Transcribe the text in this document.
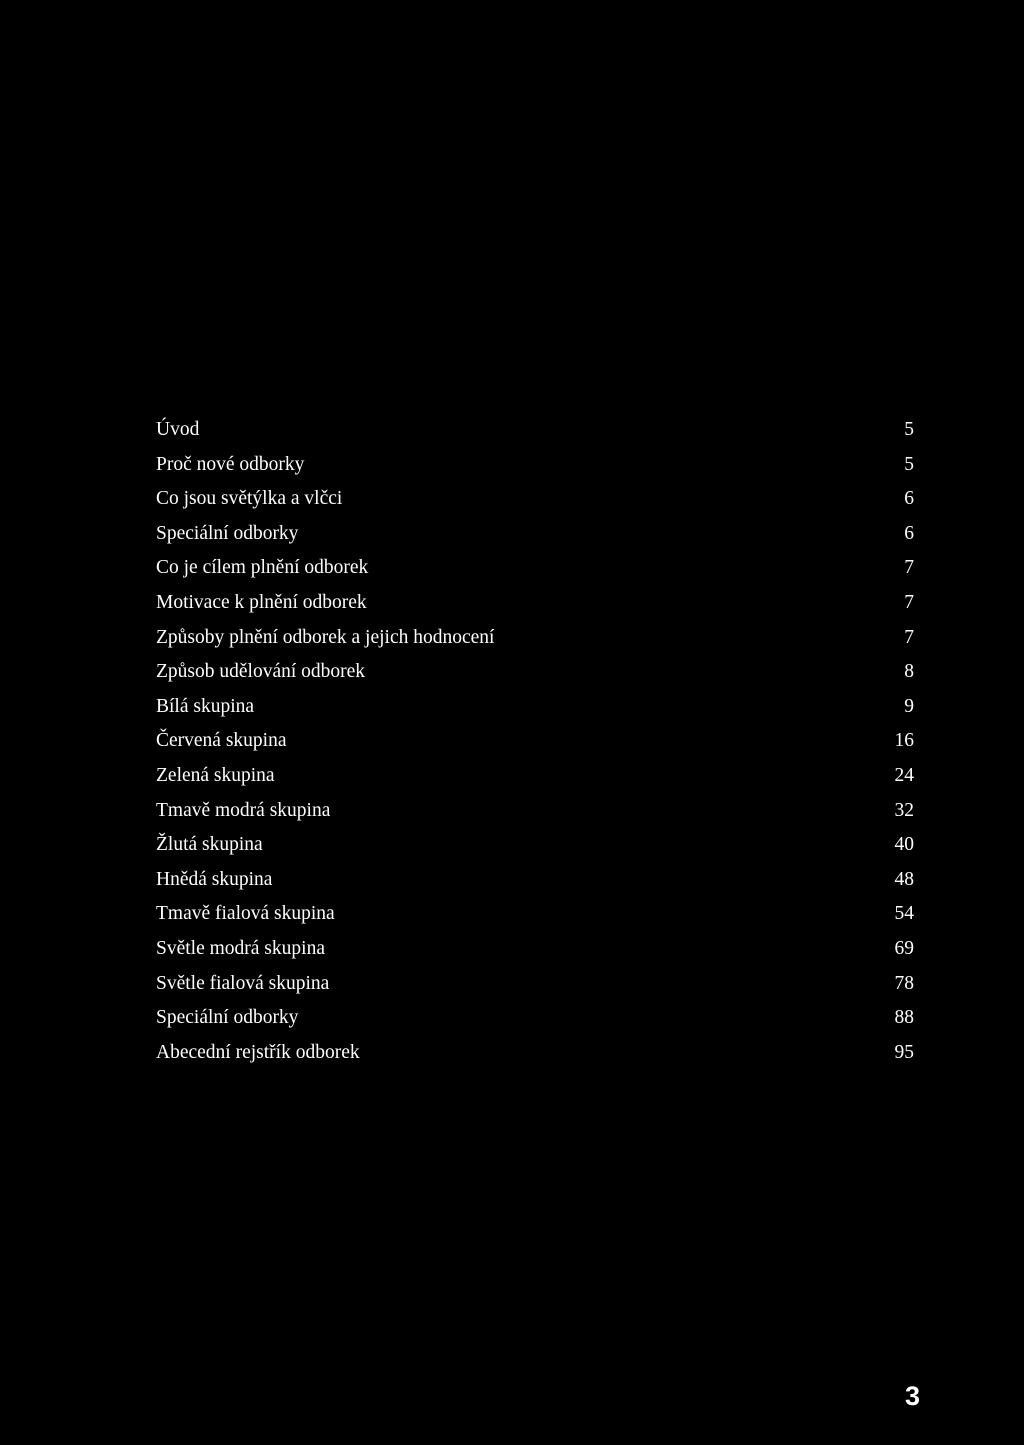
Úvod	5
Proč nové odborky	5
Co jsou světýlka a vlčci	6
Speciální odborky	6
Co je cílem plnění odborek	7
Motivace k plnění odborek	7
Způsoby plnění odborek a jejich hodnocení	7
Způsob udělování odborek	8
Bílá skupina	9
Červená skupina	16
Zelená skupina	24
Tmavě modrá skupina	32
Žlutá skupina	40
Hnědá skupina	48
Tmavě fialová skupina	54
Světle modrá skupina	69
Světle fialová skupina	78
Speciální odborky	88
Abecední rejstřík odborek	95
3
